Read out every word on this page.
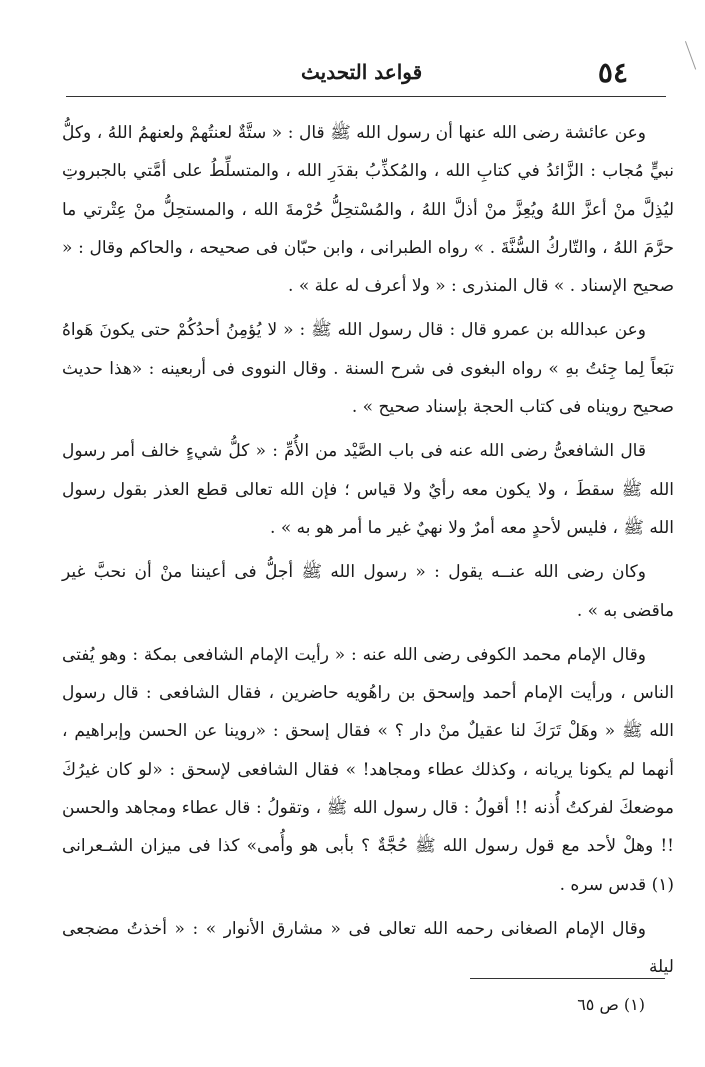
٥٤
قواعد التحديث

وعن عائشة رضى الله عنها أن رسول الله ﷺ قال : « ستَّةٌ لعنتُهمْ ولعنهمُ اللهُ ، وكلُّ نبيٍّ مُجاب : الزَّائدُ في كتابِ الله ، والمُكذِّبُ بقدَرِ الله ، والمتسلِّطُ على أمَّتي بالجبروتِ ليُذِلَّ منْ أعزَّ اللهُ ويُعِزَّ منْ أذلَّ اللهُ ، والمُسْتحِلُّ حُرْمةَ الله ، والمستحِلُّ منْ عِتْرتي ما حرَّمَ اللهُ ، والتّاركُ السُّنَّةَ . » رواه الطبرانى ، وابن حبّان فى صحيحه ، والحاكم وقال : « صحيح الإسناد . » قال المنذرى : « ولا أعرف له علة » .

وعن عبدالله بن عمرو قال : قال رسول الله ﷺ : « لا يُؤمِنُ أحدُكُمْ حتى يكونَ هَواهُ تبَعاً لِما جِئتُ بهِ » رواه البغوى فى شرح السنة . وقال النووى فى أربعينه : «هذا حديث صحيح رويناه فى كتاب الحجة بإسناد صحيح » .

قال الشافعىُّ رضى الله عنه فى باب الصَّيْد من الأُمِّ : « كلُّ شيءٍ خالف أمر رسول الله ﷺ سقطَ ، ولا يكون معه رأيٌ ولا قياس ؛ فإن الله تعالى قطع العذر بقول رسول الله ﷺ ، فليس لأحدٍ معه أمرٌ ولا نهيٌ غير ما أمر هو به » .

وكان رضى الله عنــه يقول : « رسول الله ﷺ أجلُّ فى أعيننا منْ أن نحبَّ غير ماقضى به » .

وقال الإمام محمد الكوفى رضى الله عنه : « رأيت الإمام الشافعى بمكة : وهو يُفتى الناس ، ورأيت الإمام أحمد وإسحق بن راهُويه حاضرين ، فقال الشافعى : قال رسول الله ﷺ « وهَلْ تَرَكَ لنا عقيلٌ منْ دار ؟ » فقال إسحق : «روينا عن الحسن وإبراهيم ، أنهما لم يكونا يريانه ، وكذلك عطاء ومجاهد! » فقال الشافعى لإسحق : «لو كان غيرُكَ موضعكَ لفركتُ أُذنه !! أقولُ : قال رسول الله ﷺ ، وتقولُ : قال عطاء ومجاهد والحسن !! وهلْ لأحد مع قول رسول الله ﷺ حُجَّةٌ ؟ بأبى هو وأُمى» كذا فى ميزان الشـعرانى (١) قدس سره .

وقال الإمام الصغانى رحمه الله تعالى فى « مشارق الأنوار » : « أخذتُ مضجعى ليلة

(١) ص ٦٥
